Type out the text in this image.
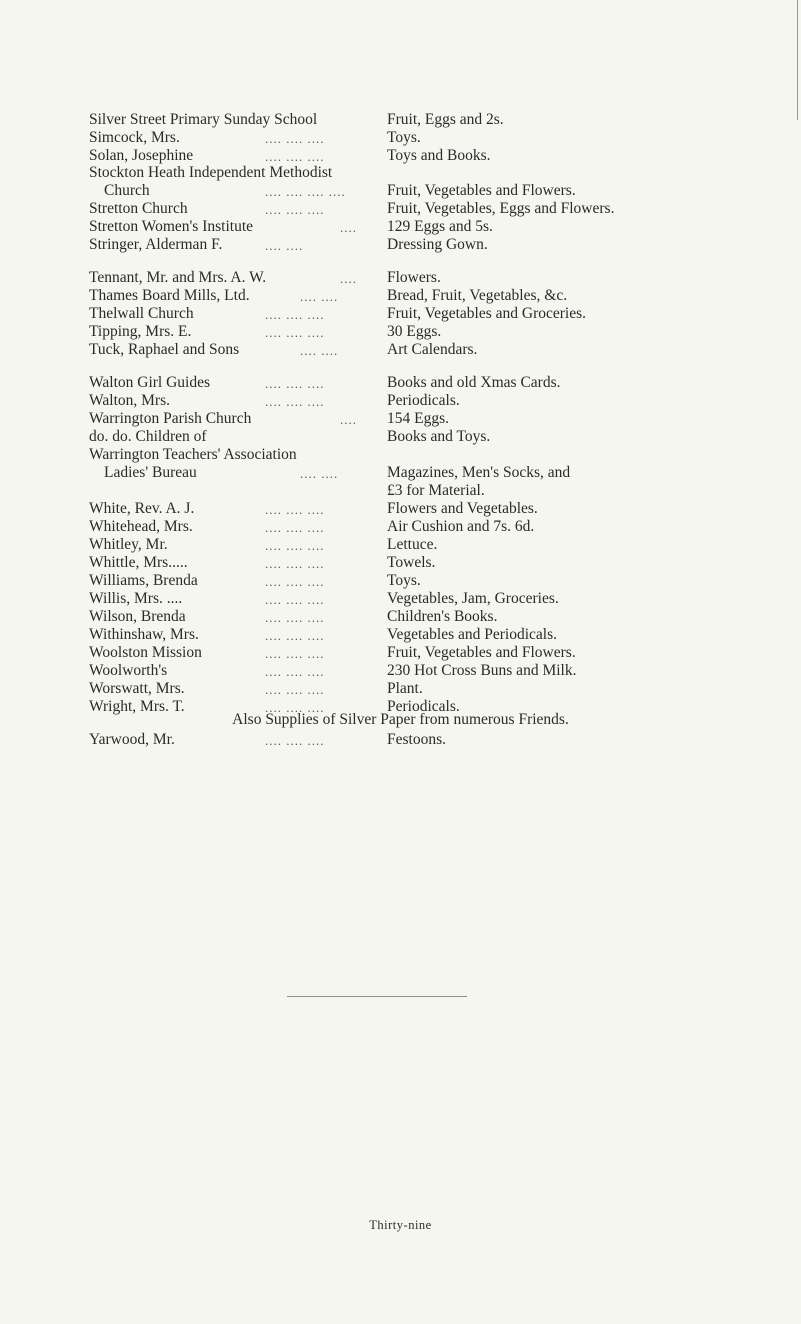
Silver Street Primary Sunday School	Fruit, Eggs and 2s.
Simcock, Mrs.	.... .... ....	Toys.
Solan, Josephine	.... .... ....	Toys and Books.
Stockton Heath Independent Methodist
Church	.... .... .... ....	Fruit, Vegetables and Flowers.
Stretton Church	.... .... ....	Fruit, Vegetables, Eggs and Flowers.
Stretton Women's Institute	.... 129 Eggs and 5s.
Stringer, Alderman F.	.... ....	Dressing Gown.
Tennant, Mr. and Mrs. A. W.	.... Flowers.
Thames Board Mills, Ltd.	.... ....	Bread, Fruit, Vegetables, &c.
Thelwall Church	.... .... ....	Fruit, Vegetables and Groceries.
Tipping, Mrs. E.	.... .... ....	30 Eggs.
Tuck, Raphael and Sons	.... ....	Art Calendars.
Walton Girl Guides	.... .... ....	Books and old Xmas Cards.
Walton, Mrs.	.... .... ....	Periodicals.
Warrington Parish Church	.... 154 Eggs.
do. do. Children of	Books and Toys.
Warrington Teachers' Association
Ladies' Bureau	.... ....	Magazines, Men's Socks, and
£3 for Material.
White, Rev. A. J.	.... .... ....	Flowers and Vegetables.
Whitehead, Mrs.	.... .... ....	Air Cushion and 7s. 6d.
Whitley, Mr.	.... .... ....	Lettuce.
Whittle, Mrs.....	.... .... ....	Towels.
Williams, Brenda	.... .... ....	Toys.
Willis, Mrs. ....	.... .... ....	Vegetables, Jam, Groceries.
Wilson, Brenda	.... .... ....	Children's Books.
Withinshaw, Mrs.	.... .... ....	Vegetables and Periodicals.
Woolston Mission	.... .... ....	Fruit, Vegetables and Flowers.
Woolworth's	.... .... ....	230 Hot Cross Buns and Milk.
Worswatt, Mrs.	.... .... ....	Plant.
Wright, Mrs. T.	.... .... ....	Periodicals.
Yarwood, Mr.	.... .... ....	Festoons.
Also Supplies of Silver Paper from numerous Friends.
Thirty-nine
